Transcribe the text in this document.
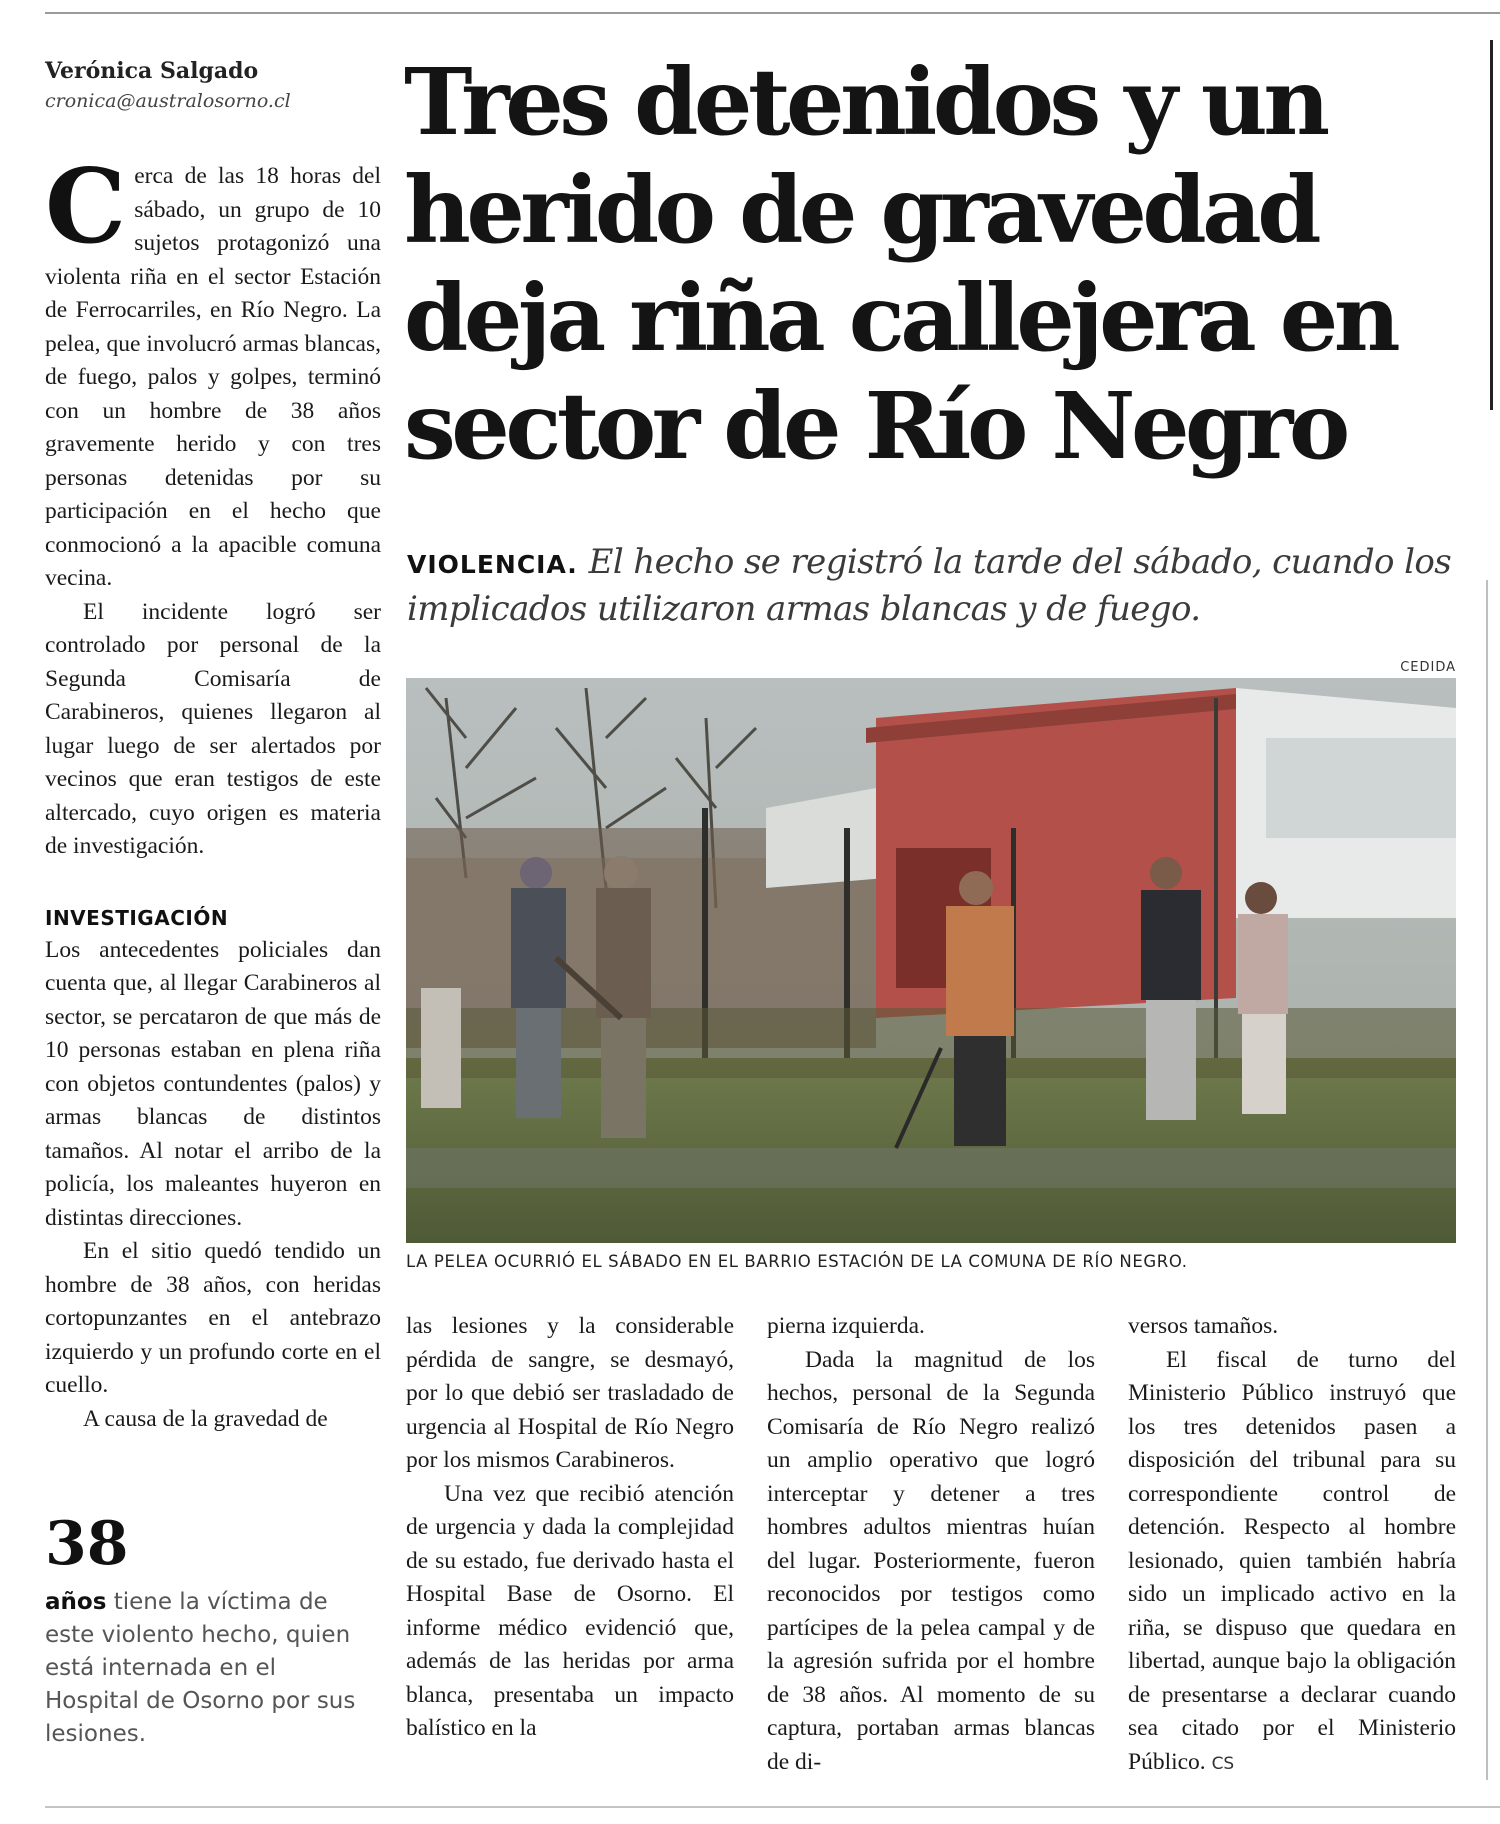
Verónica Salgado
cronica@australosorno.cl	Tres detenidos y un herido de gravedad deja riña callejera en sector de Río Negro
VIOLENCIA. El hecho se registró la tarde del sábado, cuando los implicados utilizaron armas blancas y de fuego.

Cerca de las 18 horas del sábado, un grupo de 10 sujetos protagonizó una violenta riña en el sector Estación de Ferrocarriles, en Río Negro. La pelea, que involucró armas blancas, de fuego, palos y golpes, terminó con un hombre de 38 años gravemente herido y con tres personas detenidas por su participación en el hecho que conmocionó a la apacible comuna vecina.

El incidente logró ser controlado por personal de la Segunda Comisaría de Carabineros, quienes llegaron al lugar luego de ser alertados por vecinos que eran testigos de este altercado, cuyo origen es materia de investigación.

INVESTIGACIÓN

Los antecedentes policiales dan cuenta que, al llegar Carabineros al sector, se percataron de que más de 10 personas estaban en plena riña con objetos contundentes (palos) y armas blancas de distintos tamaños. Al notar el arribo de la policía, los maleantes huyeron en distintas direcciones.

En el sitio quedó tendido un hombre de 38 años, con heridas cortopunzantes en el antebrazo izquierdo y un profundo corte en el cuello.

A causa de la gravedad de

38
años tiene la víctima de este violento hecho, quien está internada en el Hospital de Osorno por sus lesiones.
CEDIDA
LA PELEA OCURRIÓ EL SÁBADO EN EL BARRIO ESTACIÓN DE LA COMUNA DE RÍO NEGRO.

las lesiones y la considerable pérdida de sangre, se desmayó, por lo que debió ser trasladado de urgencia al Hospital de Río Negro por los mismos Carabineros.

Una vez que recibió atención de urgencia y dada la complejidad de su estado, fue derivado hasta el Hospital Base de Osorno. El informe médico evidenció que, además de las heridas por arma blanca, presentaba un impacto balístico en la

pierna izquierda.

Dada la magnitud de los hechos, personal de la Segunda Comisaría de Río Negro realizó un amplio operativo que logró interceptar y detener a tres hombres adultos mientras huían del lugar. Posteriormente, fueron reconocidos por testigos como partícipes de la pelea campal y de la agresión sufrida por el hombre de 38 años. Al momento de su captura, portaban armas blancas de di-

versos tamaños.

El fiscal de turno del Ministerio Público instruyó que los tres detenidos pasen a disposición del tribunal para su correspondiente control de detención. Respecto al hombre lesionado, quien también habría sido un implicado activo en la riña, se dispuso que quedara en libertad, aunque bajo la obligación de presentarse a declarar cuando sea citado por el Ministerio Público. CS
